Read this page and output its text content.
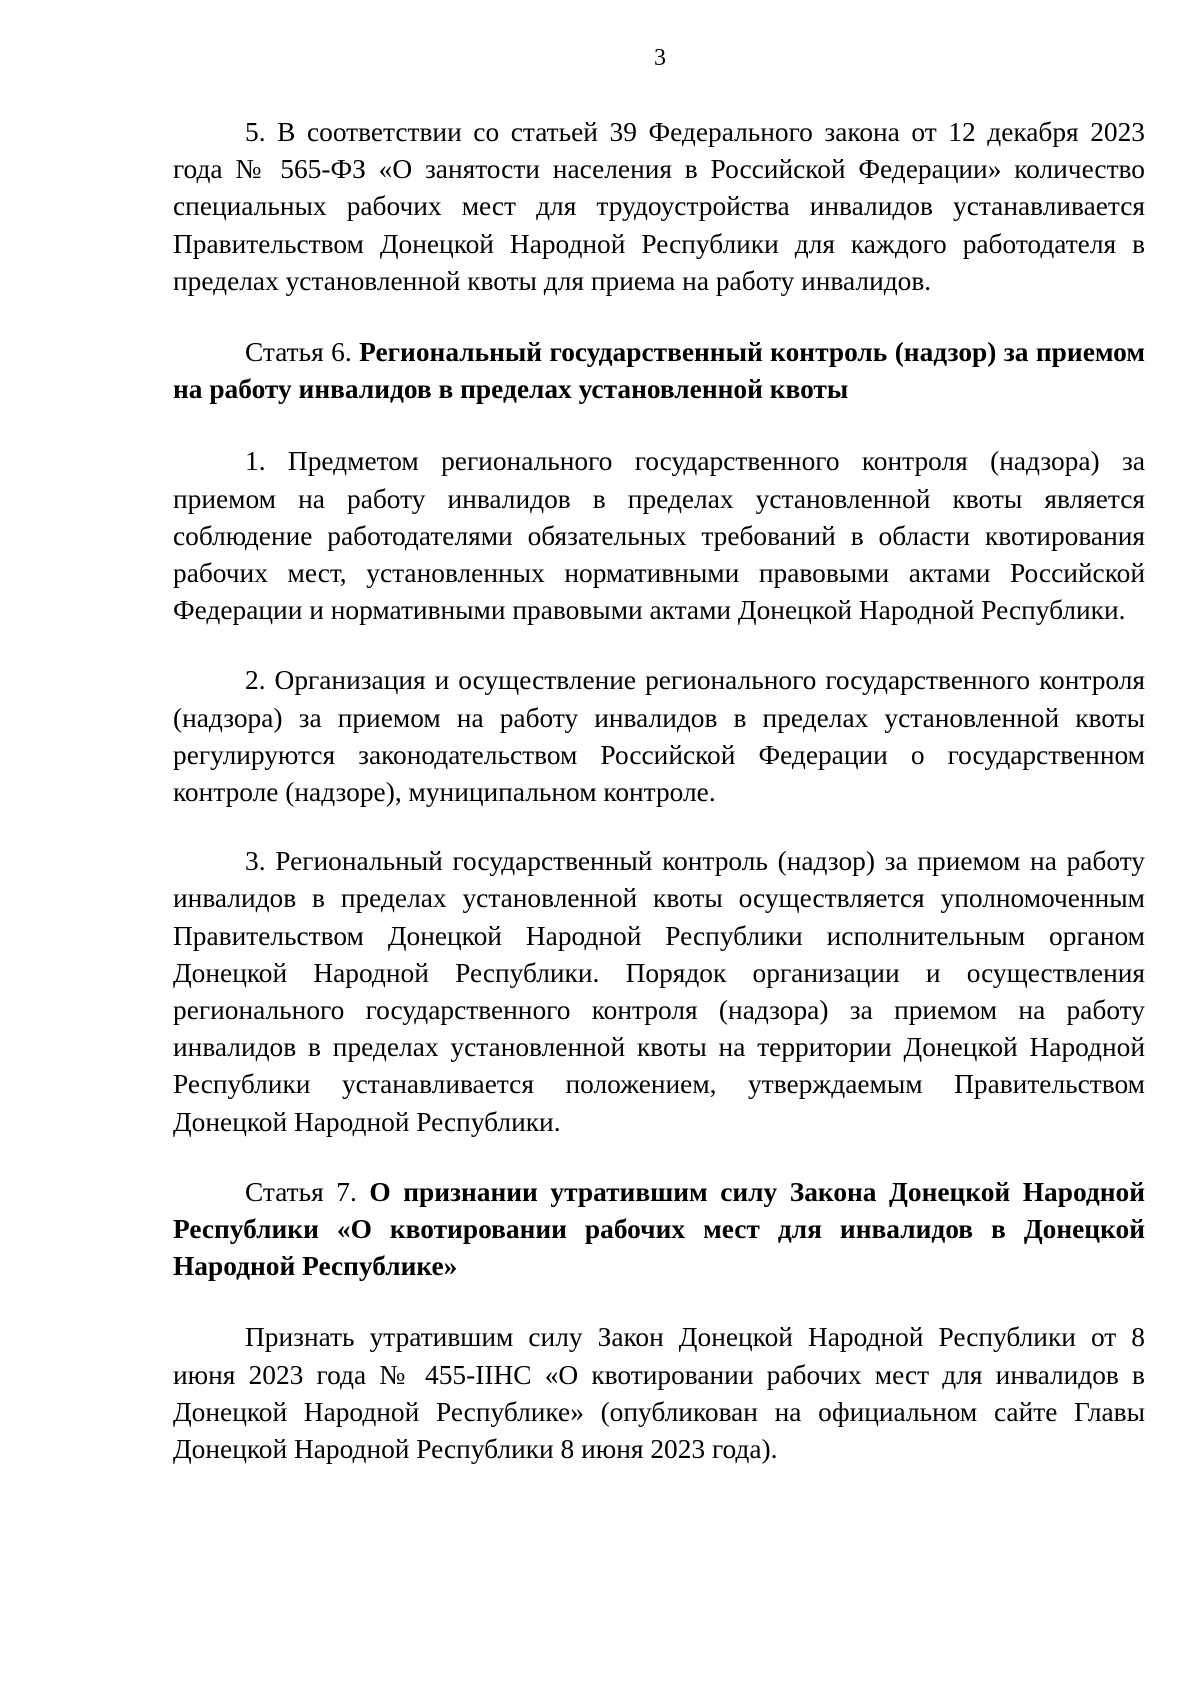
3

5. В соответствии со статьей 39 Федерального закона от 12 декабря 2023 года № 565-ФЗ «О занятости населения в Российской Федерации» количество специальных рабочих мест для трудоустройства инвалидов устанавливается Правительством Донецкой Народной Республики для каждого работодателя в пределах установленной квоты для приема на работу инвалидов.

Статья 6. Региональный государственный контроль (надзор) за приемом на работу инвалидов в пределах установленной квоты

1. Предметом регионального государственного контроля (надзора) за приемом на работу инвалидов в пределах установленной квоты является соблюдение работодателями обязательных требований в области квотирования рабочих мест, установленных нормативными правовыми актами Российской Федерации и нормативными правовыми актами Донецкой Народной Республики.

2. Организация и осуществление регионального государственного контроля (надзора) за приемом на работу инвалидов в пределах установленной квоты регулируются законодательством Российской Федерации о государственном контроле (надзоре), муниципальном контроле.

3. Региональный государственный контроль (надзор) за приемом на работу инвалидов в пределах установленной квоты осуществляется уполномоченным Правительством Донецкой Народной Республики исполнительным органом Донецкой Народной Республики. Порядок организации и осуществления регионального государственного контроля (надзора) за приемом на работу инвалидов в пределах установленной квоты на территории Донецкой Народной Республики устанавливается положением, утверждаемым Правительством Донецкой Народной Республики.

Статья 7. О признании утратившим силу Закона Донецкой Народной Республики «О квотировании рабочих мест для инвалидов в Донецкой Народной Республике»

Признать утратившим силу Закон Донецкой Народной Республики от 8 июня 2023 года № 455-IIНС «О квотировании рабочих мест для инвалидов в Донецкой Народной Республике» (опубликован на официальном сайте Главы Донецкой Народной Республики 8 июня 2023 года).
